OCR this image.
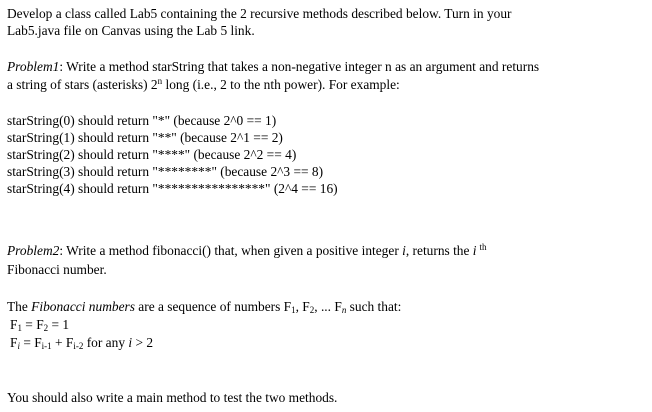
Develop a class called Lab5 containing the 2 recursive methods described below. Turn in your
Lab5.java file on Canvas using the Lab 5 link.
Problem1: Write a method starString that takes a non-negative integer n as an argument and returns
a string of stars (asterisks) 2$^n$ long (i.e., 2 to the nth power). For example:
starString(0) should return "*" (because 2^0 == 1)
starString(1) should return "**" (because 2^1 == 2)
starString(2) should return "****" (because 2^2 == 4)
starString(3) should return "********" (because 2^3 == 8)
starString(4) should return "****************" (2^4 == 16)
Problem2: Write a method fibonacci() that, when given a positive integer i, returns the i $^{th}$
Fibonacci number.
The Fibonacci numbers are a sequence of numbers $F_1$, $F_2$, ... $F_n$ such that:
$F_1 = F_2 = 1$
$F_i = F_{i-1} + F_{i-2}$ for any i > 2
You should also write a main method to test the two methods.
